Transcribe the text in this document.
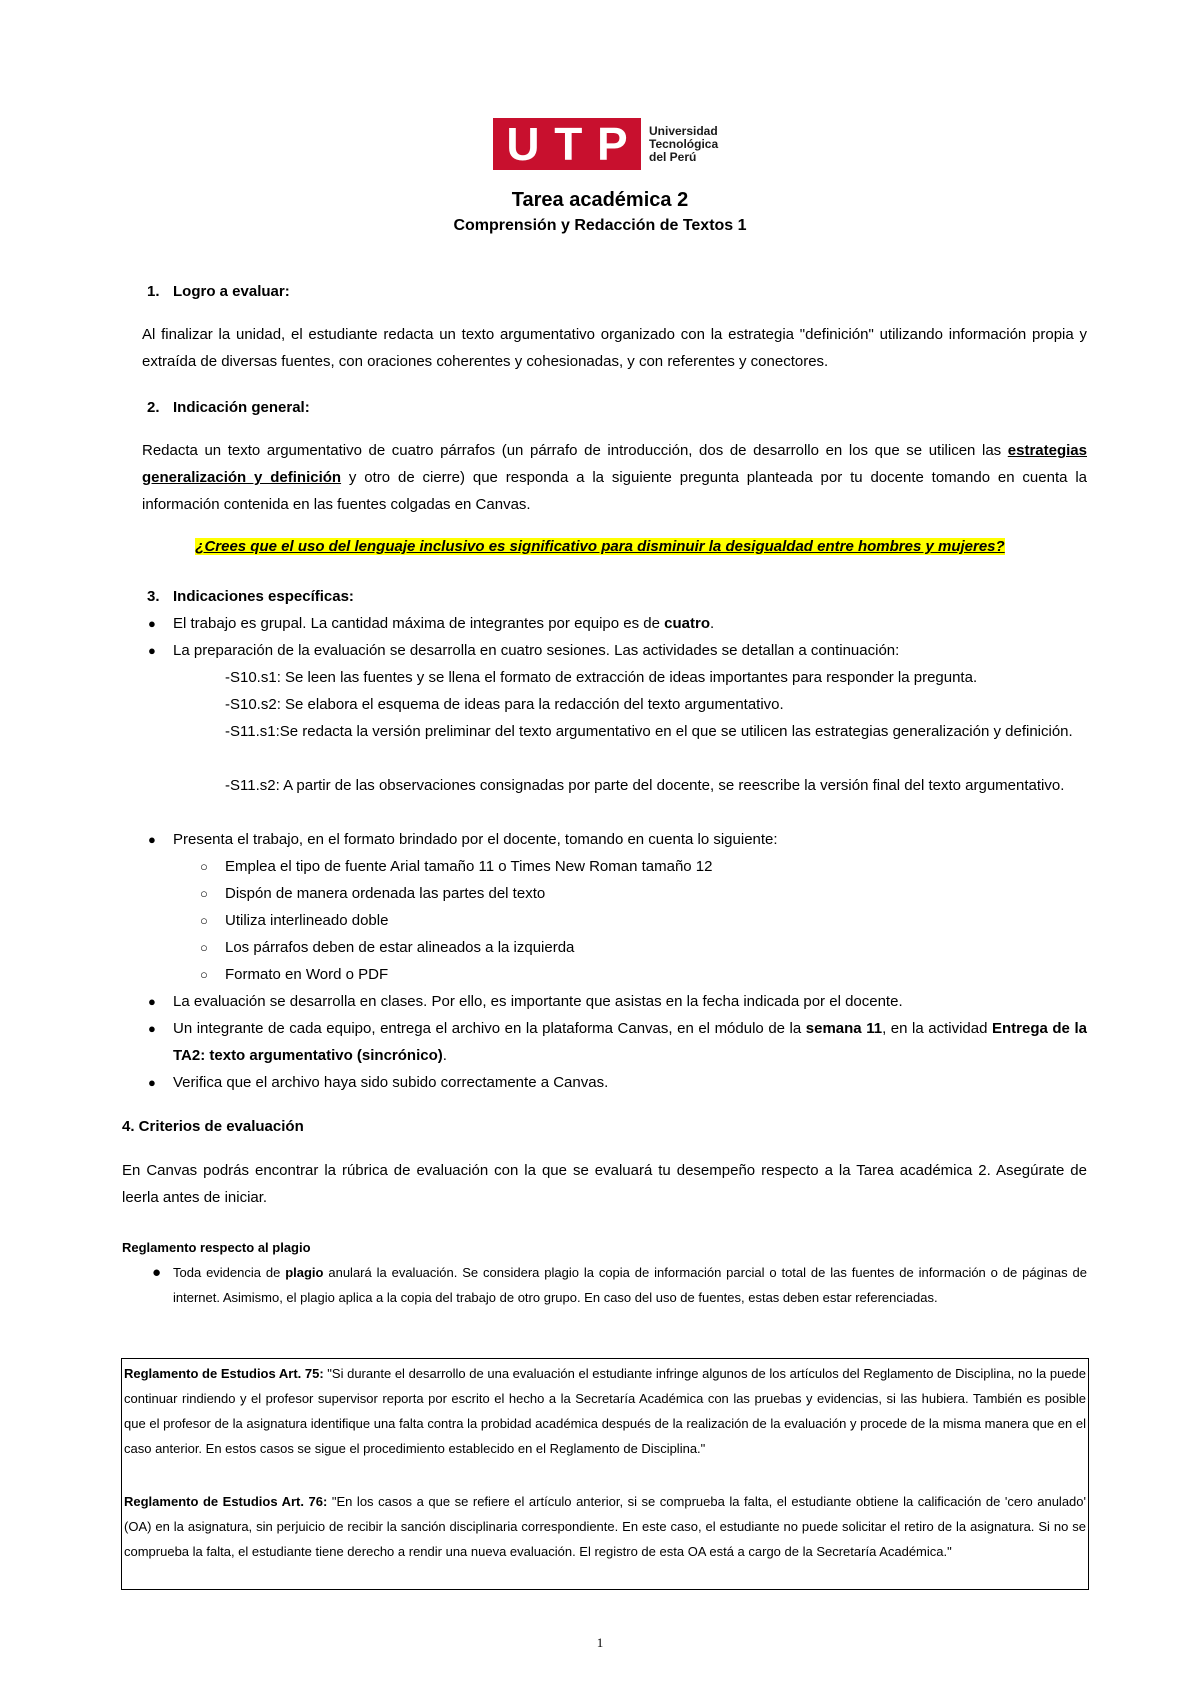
U T P Universidad
Tecnológica
del Perú
Tarea académica 2
Comprensión y Redacción de Textos 1
1. Logro a evaluar:
Al finalizar la unidad, el estudiante redacta un texto argumentativo organizado con la estrategia "definición" utilizando información propia y extraída de diversas fuentes, con oraciones coherentes y cohesionadas, y con referentes y conectores.
2. Indicación general:
Redacta un texto argumentativo de cuatro párrafos (un párrafo de introducción, dos de desarrollo en los que se utilicen las estrategias generalización y definición y otro de cierre) que responda a la siguiente pregunta planteada por tu docente tomando en cuenta la información contenida en las fuentes colgadas en Canvas.
¿Crees que el uso del lenguaje inclusivo es significativo para disminuir la desigualdad entre hombres y mujeres?
3. Indicaciones específicas:
● El trabajo es grupal. La cantidad máxima de integrantes por equipo es de cuatro.
● La preparación de la evaluación se desarrolla en cuatro sesiones. Las actividades se detallan a continuación:
-S10.s1: Se leen las fuentes y se llena el formato de extracción de ideas importantes para responder la pregunta.
-S10.s2: Se elabora el esquema de ideas para la redacción del texto argumentativo.
-S11.s1:Se redacta la versión preliminar del texto argumentativo en el que se utilicen las estrategias generalización y definición.
-S11.s2: A partir de las observaciones consignadas por parte del docente, se reescribe la versión final del texto argumentativo.
● Presenta el trabajo, en el formato brindado por el docente, tomando en cuenta lo siguiente:
○ Emplea el tipo de fuente Arial tamaño 11 o Times New Roman tamaño 12
○ Dispón de manera ordenada las partes del texto
○ Utiliza interlineado doble
○ Los párrafos deben de estar alineados a la izquierda
○ Formato en Word o PDF
● La evaluación se desarrolla en clases. Por ello, es importante que asistas en la fecha indicada por el docente.
● Un integrante de cada equipo, entrega el archivo en la plataforma Canvas, en el módulo de la semana 11, en la actividad Entrega de la TA2: texto argumentativo (sincrónico).
● Verifica que el archivo haya sido subido correctamente a Canvas.
4. Criterios de evaluación
En Canvas podrás encontrar la rúbrica de evaluación con la que se evaluará tu desempeño respecto a la Tarea académica 2. Asegúrate de leerla antes de iniciar.
Reglamento respecto al plagio
● Toda evidencia de plagio anulará la evaluación. Se considera plagio la copia de información parcial o total de las fuentes de información o de páginas de internet. Asimismo, el plagio aplica a la copia del trabajo de otro grupo. En caso del uso de fuentes, estas deben estar referenciadas.
Reglamento de Estudios Art. 75: "Si durante el desarrollo de una evaluación el estudiante infringe algunos de los artículos del Reglamento de Disciplina, no la puede continuar rindiendo y el profesor supervisor reporta por escrito el hecho a la Secretaría Académica con las pruebas y evidencias, si las hubiera. También es posible que el profesor de la asignatura identifique una falta contra la probidad académica después de la realización de la evaluación y procede de la misma manera que en el caso anterior. En estos casos se sigue el procedimiento establecido en el Reglamento de Disciplina."
Reglamento de Estudios Art. 76: "En los casos a que se refiere el artículo anterior, si se comprueba la falta, el estudiante obtiene la calificación de 'cero anulado' (OA) en la asignatura, sin perjuicio de recibir la sanción disciplinaria correspondiente. En este caso, el estudiante no puede solicitar el retiro de la asignatura. Si no se comprueba la falta, el estudiante tiene derecho a rendir una nueva evaluación. El registro de esta OA está a cargo de la Secretaría Académica."
1
